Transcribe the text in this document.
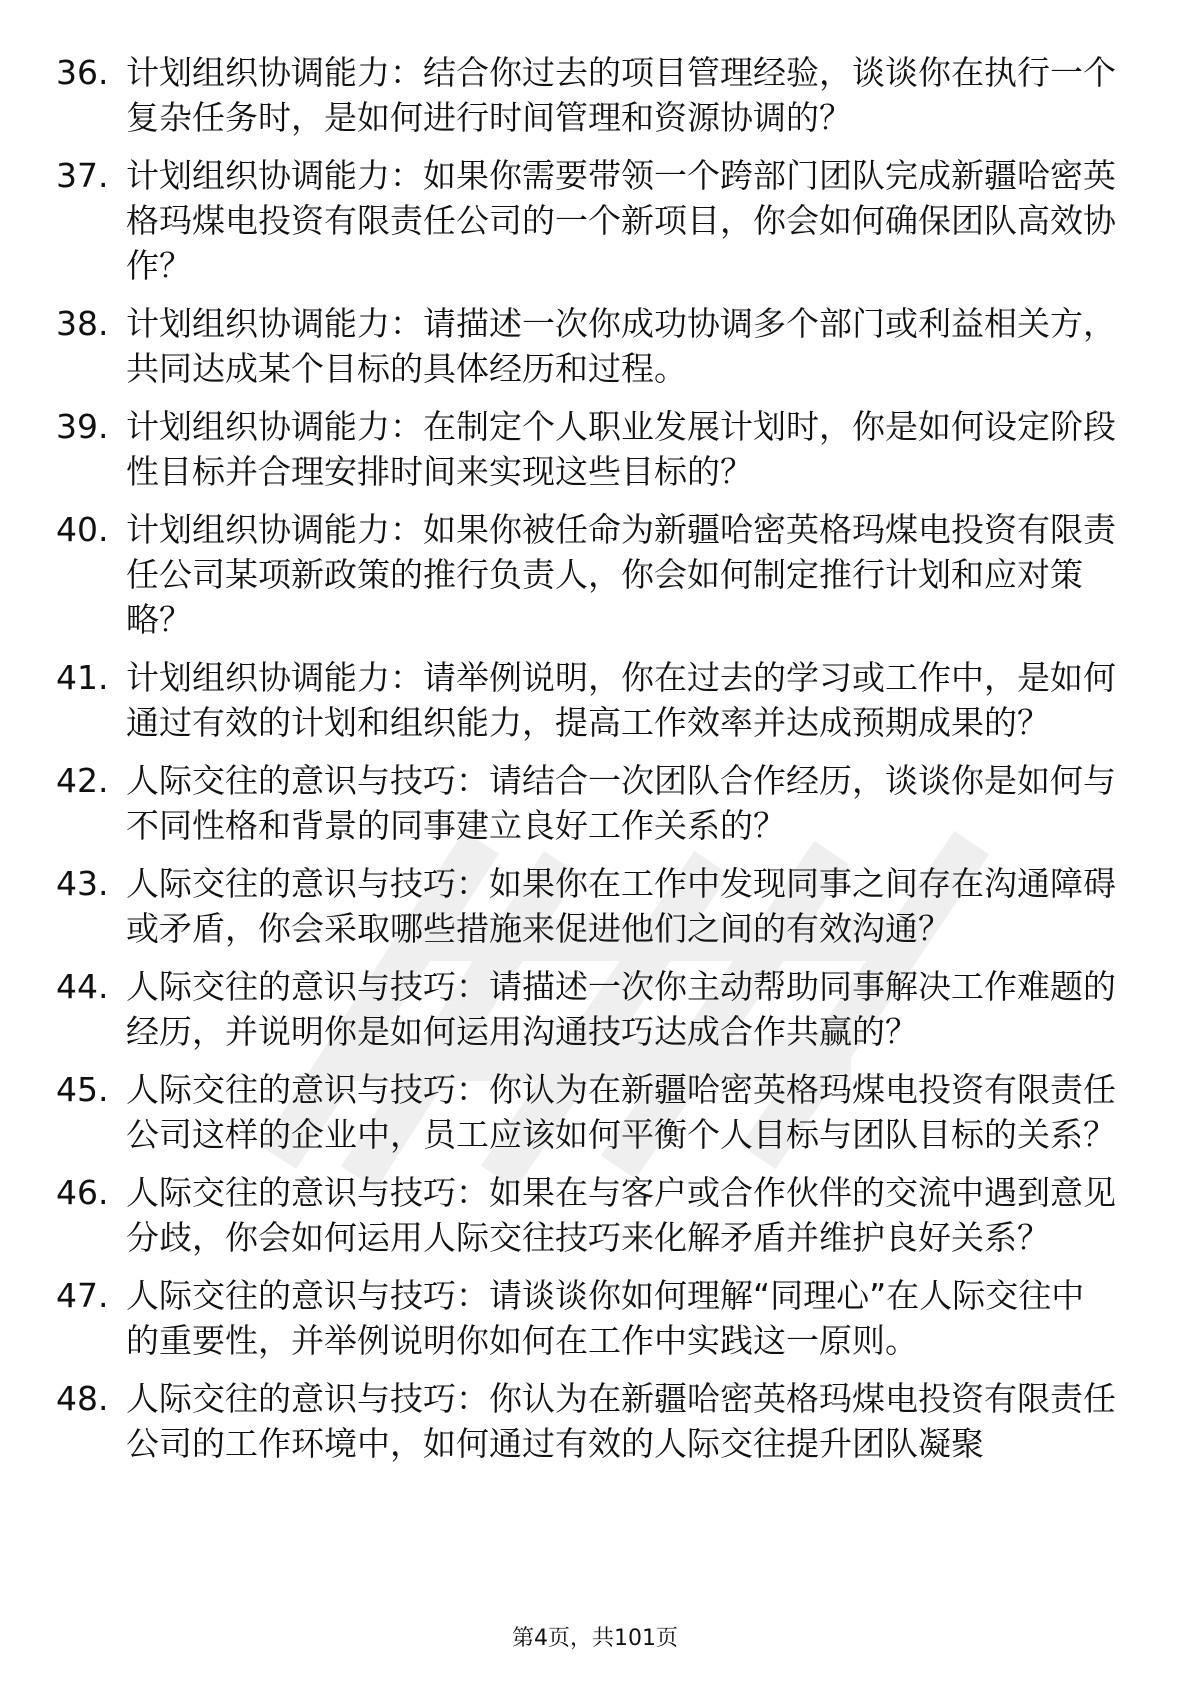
36. 计划组织协调能力：结合你过去的项目管理经验，谈谈你在执行一个复杂任务时，是如何进行时间管理和资源协调的？
37. 计划组织协调能力：如果你需要带领一个跨部门团队完成新疆哈密英格玛煤电投资有限责任公司的一个新项目，你会如何确保团队高效协作？
38. 计划组织协调能力：请描述一次你成功协调多个部门或利益相关方，共同达成某个目标的具体经历和过程。
39. 计划组织协调能力：在制定个人职业发展计划时，你是如何设定阶段性目标并合理安排时间来实现这些目标的？
40. 计划组织协调能力：如果你被任命为新疆哈密英格玛煤电投资有限责任公司某项新政策的推行负责人，你会如何制定推行计划和应对策略？
41. 计划组织协调能力：请举例说明，你在过去的学习或工作中，是如何通过有效的计划和组织能力，提高工作效率并达成预期成果的？
42. 人际交往的意识与技巧：请结合一次团队合作经历，谈谈你是如何与不同性格和背景的同事建立良好工作关系的？
43. 人际交往的意识与技巧：如果你在工作中发现同事之间存在沟通障碍或矛盾，你会采取哪些措施来促进他们之间的有效沟通？
44. 人际交往的意识与技巧：请描述一次你主动帮助同事解决工作难题的经历，并说明你是如何运用沟通技巧达成合作共赢的？
45. 人际交往的意识与技巧：你认为在新疆哈密英格玛煤电投资有限责任公司这样的企业中，员工应该如何平衡个人目标与团队目标的关系？
46. 人际交往的意识与技巧：如果在与客户或合作伙伴的交流中遇到意见分歧，你会如何运用人际交往技巧来化解矛盾并维护良好关系？
47. 人际交往的意识与技巧：请谈谈你如何理解“同理心”在人际交往中的重要性，并举例说明你如何在工作中实践这一原则。
48. 人际交往的意识与技巧：你认为在新疆哈密英格玛煤电投资有限责任公司的工作环境中，如何通过有效的人际交往提升团队凝聚
第4页，共101页
